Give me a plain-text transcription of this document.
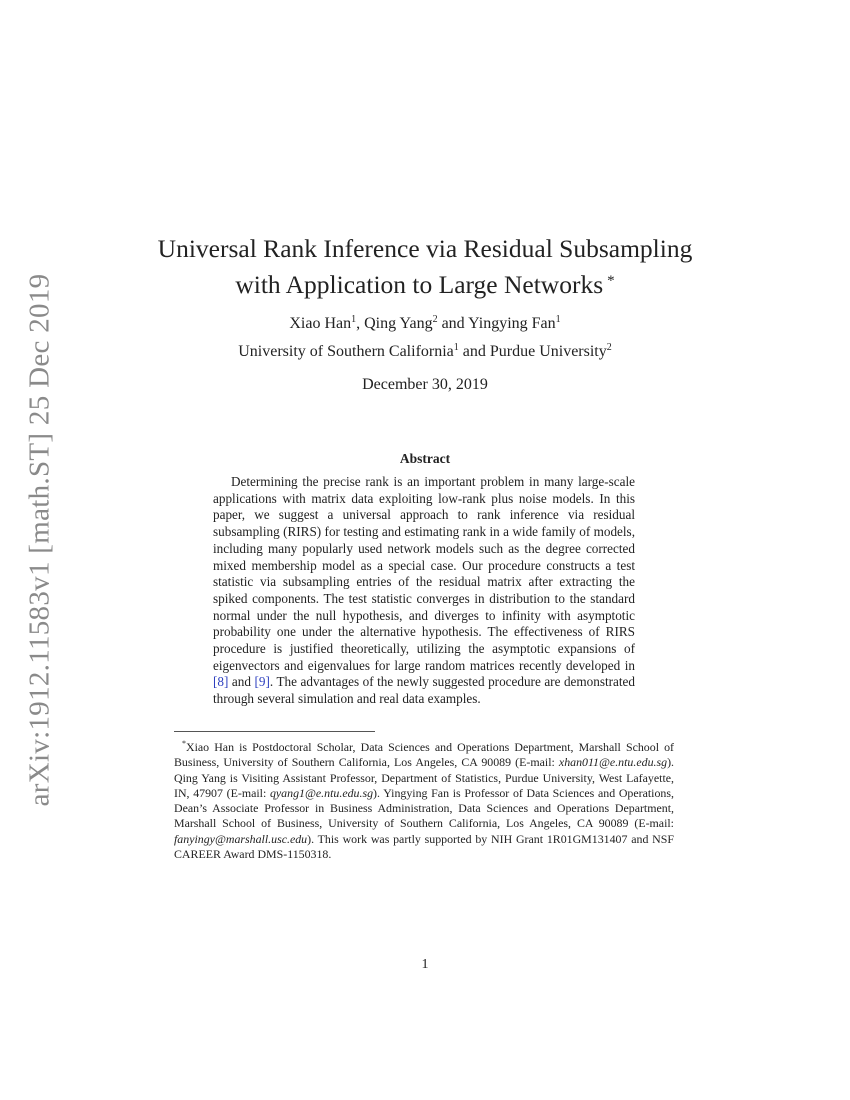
arXiv:1912.11583v1 [math.ST] 25 Dec 2019
Universal Rank Inference via Residual Subsampling
with Application to Large Networks *
Xiao Han$^1$, Qing Yang$^2$ and Yingying Fan$^1$
University of Southern California$^1$ and Purdue University$^2$
December 30, 2019
Abstract
Determining the precise rank is an important problem in many large-scale applications with matrix data exploiting low-rank plus noise models. In this paper, we suggest a universal approach to rank inference via residual subsampling (RIRS) for testing and estimating rank in a wide family of models, including many popularly used network models such as the degree corrected mixed membership model as a special case. Our procedure constructs a test statistic via subsampling entries of the residual matrix after extracting the spiked components. The test statistic converges in distribution to the standard normal under the null hypothesis, and diverges to infinity with asymptotic probability one under the alternative hypothesis. The effectiveness of RIRS procedure is justified theoretically, utilizing the asymptotic expansions of eigenvectors and eigenvalues for large random matrices recently developed in [8] and [9]. The advantages of the newly suggested procedure are demonstrated through several simulation and real data examples.
*Xiao Han is Postdoctoral Scholar, Data Sciences and Operations Department, Marshall School of Business, University of Southern California, Los Angeles, CA 90089 (E-mail: xhan011@e.ntu.edu.sg). Qing Yang is Visiting Assistant Professor, Department of Statistics, Purdue University, West Lafayette, IN, 47907 (E-mail: qyang1@e.ntu.edu.sg). Yingying Fan is Professor of Data Sciences and Operations, Dean’s Associate Professor in Business Administration, Data Sciences and Operations Department, Marshall School of Business, University of Southern California, Los Angeles, CA 90089 (E-mail: fanyingy@marshall.usc.edu). This work was partly supported by NIH Grant 1R01GM131407 and NSF CAREER Award DMS-1150318.
1
